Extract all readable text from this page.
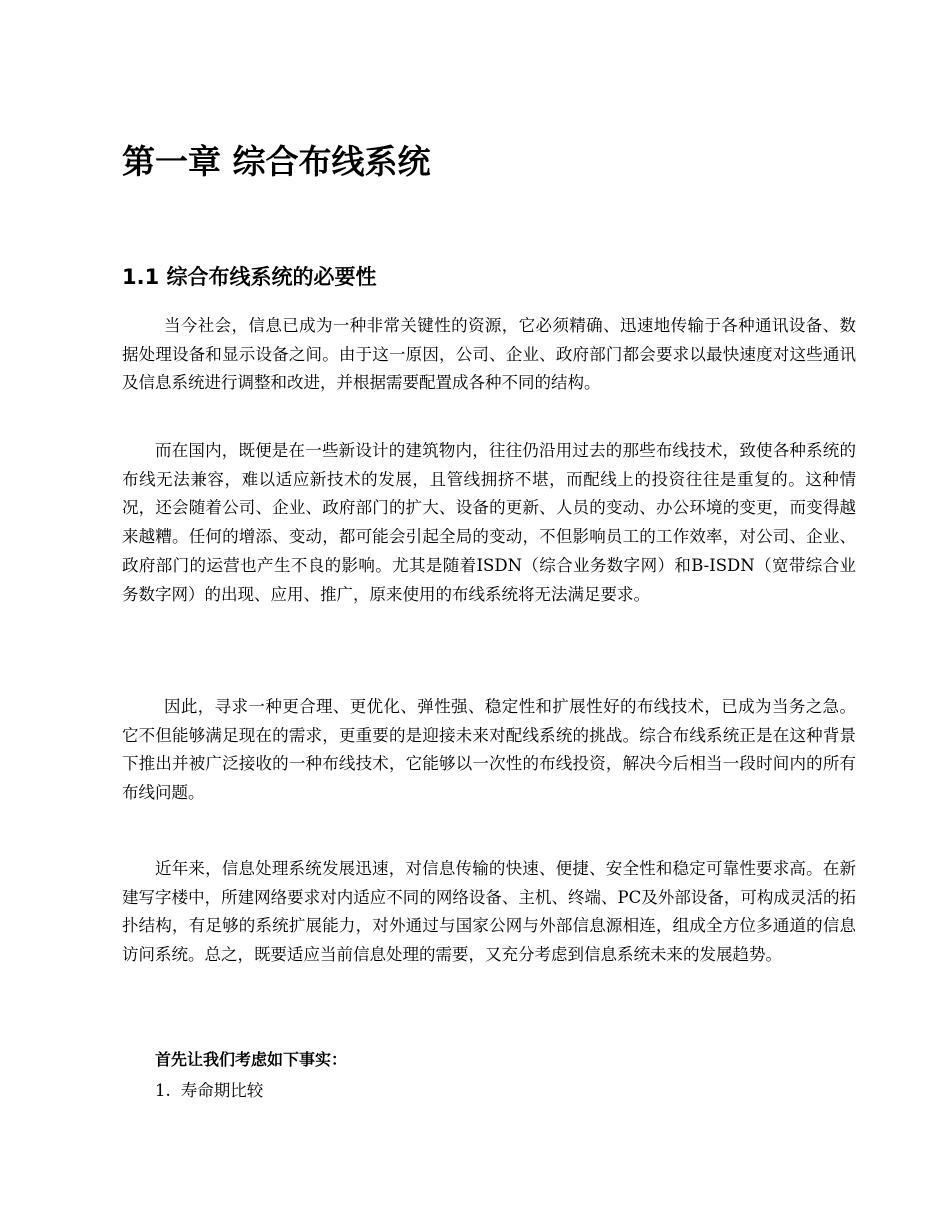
第一章 综合布线系统
1.1 综合布线系统的必要性

当今社会，信息已成为一种非常关键性的资源，它必须精确、迅速地传输于各种通讯设备、数据处理设备和显示设备之间。由于这一原因，公司、企业、政府部门都会要求以最快速度对这些通讯及信息系统进行调整和改进，并根据需要配置成各种不同的结构。

而在国内，既便是在一些新设计的建筑物内，往往仍沿用过去的那些布线技术，致使各种系统的布线无法兼容，难以适应新技术的发展，且管线拥挤不堪，而配线上的投资往往是重复的。这种情况，还会随着公司、企业、政府部门的扩大、设备的更新、人员的变动、办公环境的变更，而变得越来越糟。任何的增添、变动，都可能会引起全局的变动，不但影响员工的工作效率，对公司、企业、政府部门的运营也产生不良的影响。尤其是随着ISDN（综合业务数字网）和B-ISDN（宽带综合业务数字网）的出现、应用、推广，原来使用的布线系统将无法满足要求。

因此，寻求一种更合理、更优化、弹性强、稳定性和扩展性好的布线技术，已成为当务之急。它不但能够满足现在的需求，更重要的是迎接未来对配线系统的挑战。综合布线系统正是在这种背景下推出并被广泛接收的一种布线技术，它能够以一次性的布线投资，解决今后相当一段时间内的所有布线问题。

近年来，信息处理系统发展迅速，对信息传输的快速、便捷、安全性和稳定可靠性要求高。在新建写字楼中，所建网络要求对内适应不同的网络设备、主机、终端、PC及外部设备，可构成灵活的拓扑结构，有足够的系统扩展能力，对外通过与国家公网与外部信息源相连，组成全方位多通道的信息访问系统。总之，既要适应当前信息处理的需要，又充分考虑到信息系统未来的发展趋势。

首先让我们考虑如下事实：

1. 寿命期比较
